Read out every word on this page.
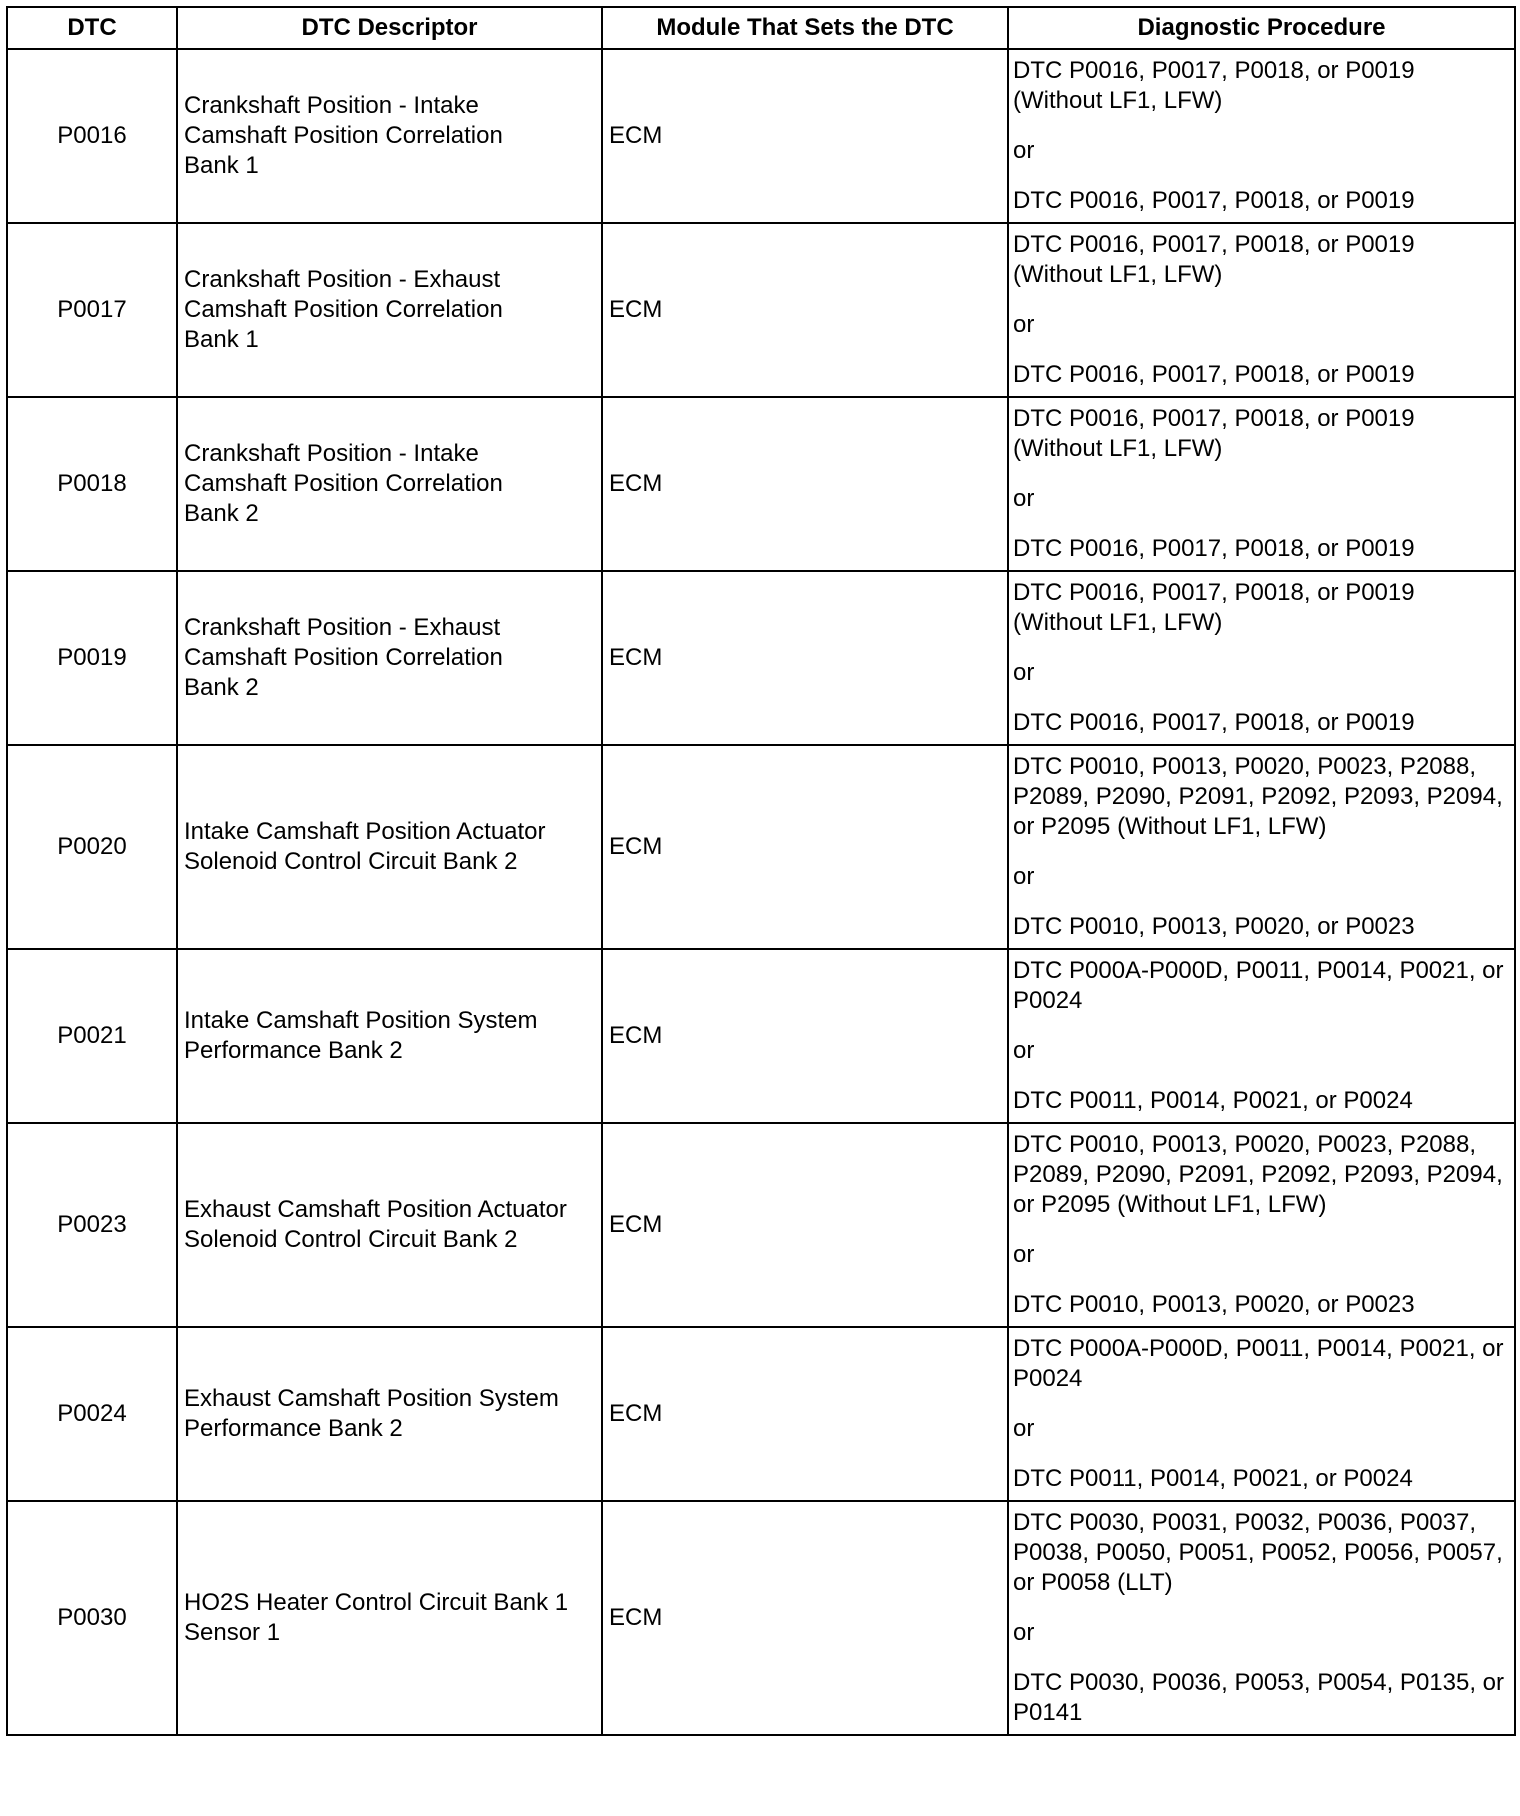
DTC	DTC Descriptor	Module That Sets the DTC	Diagnostic Procedure
P0016	Crankshaft Position - Intake
Camshaft Position Correlation
Bank 1	ECM	DTC P0016, P0017, P0018, or P0019 (Without LF1, LFW)
or
DTC P0016, P0017, P0018, or P0019

P0017	Crankshaft Position - Exhaust
Camshaft Position Correlation
Bank 1	ECM	DTC P0016, P0017, P0018, or P0019 (Without LF1, LFW)
or
DTC P0016, P0017, P0018, or P0019

P0018	Crankshaft Position - Intake
Camshaft Position Correlation
Bank 2	ECM	DTC P0016, P0017, P0018, or P0019 (Without LF1, LFW)
or
DTC P0016, P0017, P0018, or P0019

P0019	Crankshaft Position - Exhaust
Camshaft Position Correlation
Bank 2	ECM	DTC P0016, P0017, P0018, or P0019 (Without LF1, LFW)
or
DTC P0016, P0017, P0018, or P0019

P0020	Intake Camshaft Position Actuator
Solenoid Control Circuit Bank 2	ECM	DTC P0010, P0013, P0020, P0023, P2088, P2089, P2090, P2091, P2092, P2093, P2094, or P2095 (Without LF1, LFW)
or
DTC P0010, P0013, P0020, or P0023

P0021	Intake Camshaft Position System
Performance Bank 2	ECM	DTC P000A-P000D, P0011, P0014, P0021, or P0024
or
DTC P0011, P0014, P0021, or P0024

P0023	Exhaust Camshaft Position Actuator
Solenoid Control Circuit Bank 2	ECM	DTC P0010, P0013, P0020, P0023, P2088, P2089, P2090, P2091, P2092, P2093, P2094, or P2095 (Without LF1, LFW)
or
DTC P0010, P0013, P0020, or P0023

P0024	Exhaust Camshaft Position System
Performance Bank 2	ECM	DTC P000A-P000D, P0011, P0014, P0021, or P0024
or
DTC P0011, P0014, P0021, or P0024

P0030	HO2S Heater Control Circuit Bank 1
Sensor 1	ECM	DTC P0030, P0031, P0032, P0036, P0037, P0038, P0050, P0051, P0052, P0056, P0057, or P0058 (LLT)
or
DTC P0030, P0036, P0053, P0054, P0135, or P0141
